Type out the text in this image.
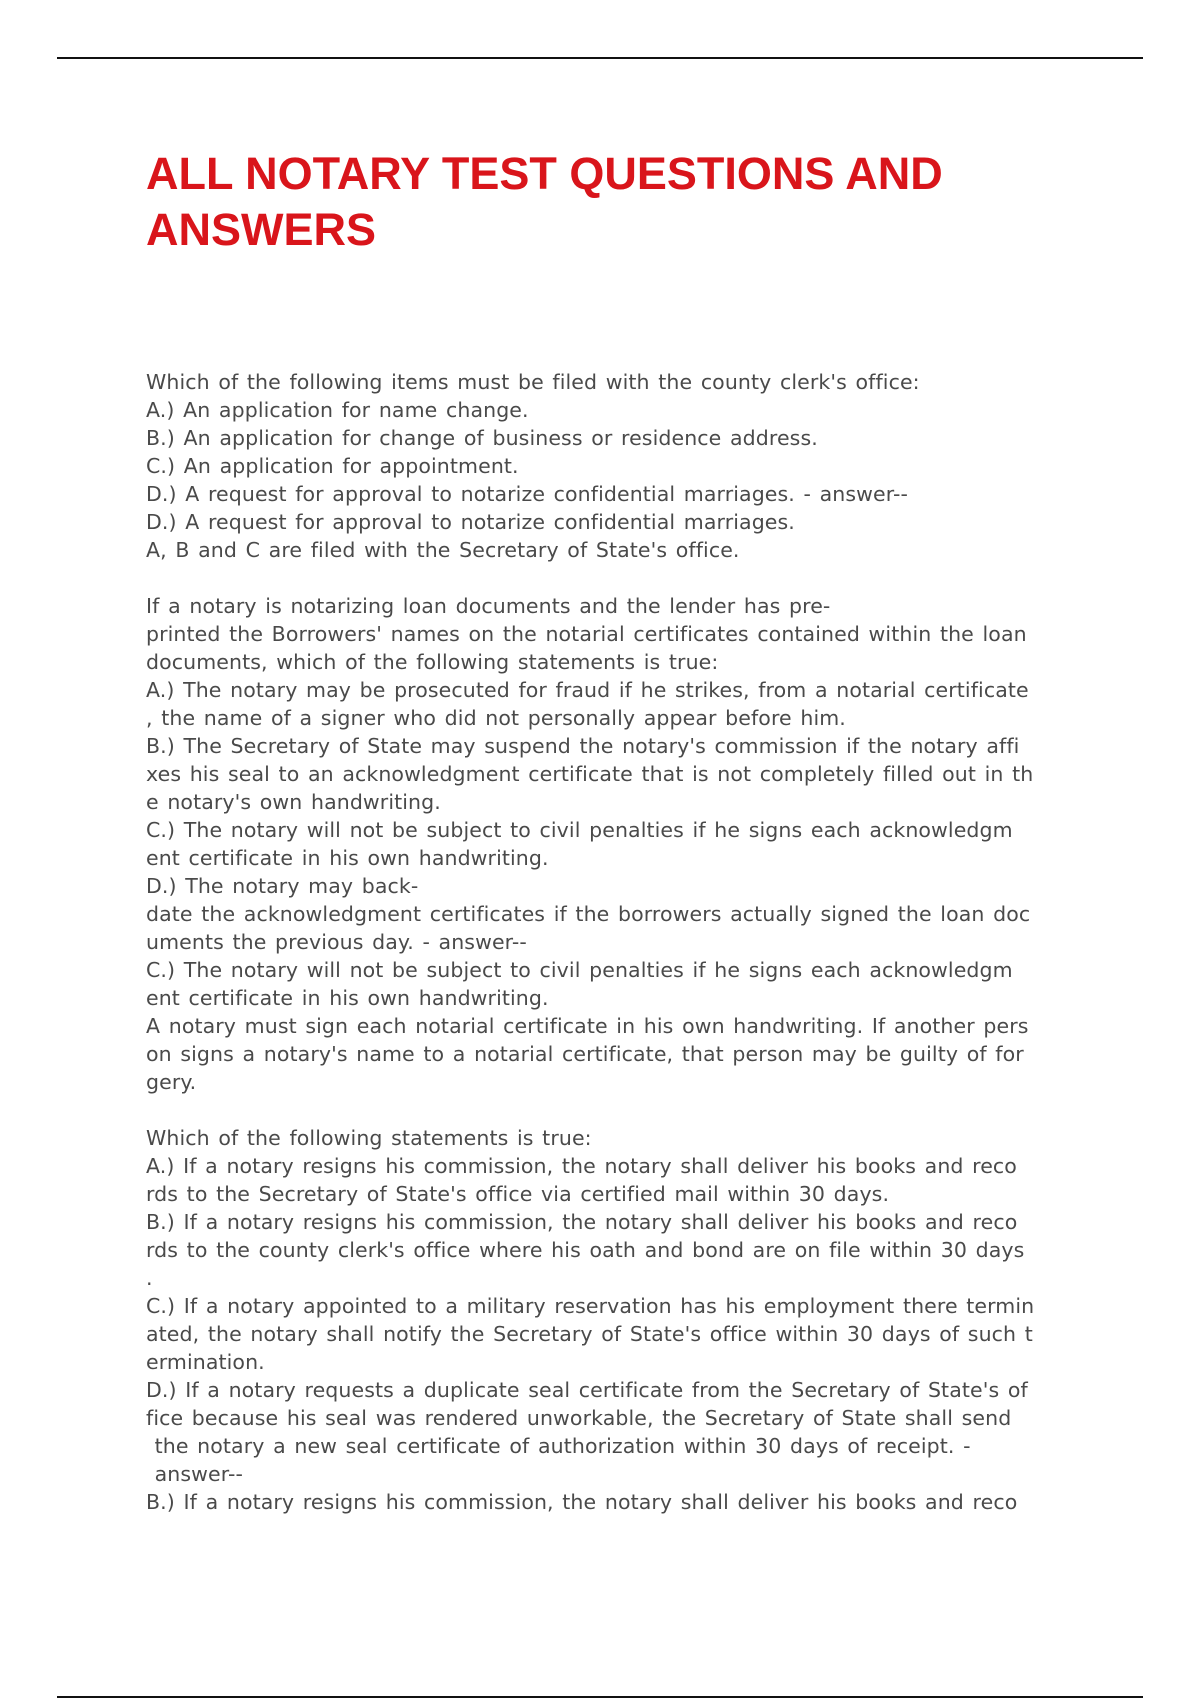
ALL NOTARY TEST QUESTIONS AND
ANSWERS
Which of the following items must be filed with the county clerk's office:
A.) An application for name change.
B.) An application for change of business or residence address.
C.) An application for appointment.
D.) A request for approval to notarize confidential marriages. - answer--
D.) A request for approval to notarize confidential marriages.
A, B and C are filed with the Secretary of State's office.
If a notary is notarizing loan documents and the lender has pre-
printed the Borrowers' names on the notarial certificates contained within the loan
documents, which of the following statements is true:
A.) The notary may be prosecuted for fraud if he strikes, from a notarial certificate
, the name of a signer who did not personally appear before him.
B.) The Secretary of State may suspend the notary's commission if the notary affi
xes his seal to an acknowledgment certificate that is not completely filled out in th
e notary's own handwriting.
C.) The notary will not be subject to civil penalties if he signs each acknowledgm
ent certificate in his own handwriting.
D.) The notary may back-
date the acknowledgment certificates if the borrowers actually signed the loan doc
uments the previous day. - answer--
C.) The notary will not be subject to civil penalties if he signs each acknowledgm
ent certificate in his own handwriting.
A notary must sign each notarial certificate in his own handwriting. If another pers
on signs a notary's name to a notarial certificate, that person may be guilty of for
gery.
Which of the following statements is true:
A.) If a notary resigns his commission, the notary shall deliver his books and reco
rds to the Secretary of State's office via certified mail within 30 days.
B.) If a notary resigns his commission, the notary shall deliver his books and reco
rds to the county clerk's office where his oath and bond are on file within 30 days
.
C.) If a notary appointed to a military reservation has his employment there termin
ated, the notary shall notify the Secretary of State's office within 30 days of such t
ermination.
D.) If a notary requests a duplicate seal certificate from the Secretary of State's of
fice because his seal was rendered unworkable, the Secretary of State shall send
the notary a new seal certificate of authorization within 30 days of receipt. -
answer--
B.) If a notary resigns his commission, the notary shall deliver his books and reco
